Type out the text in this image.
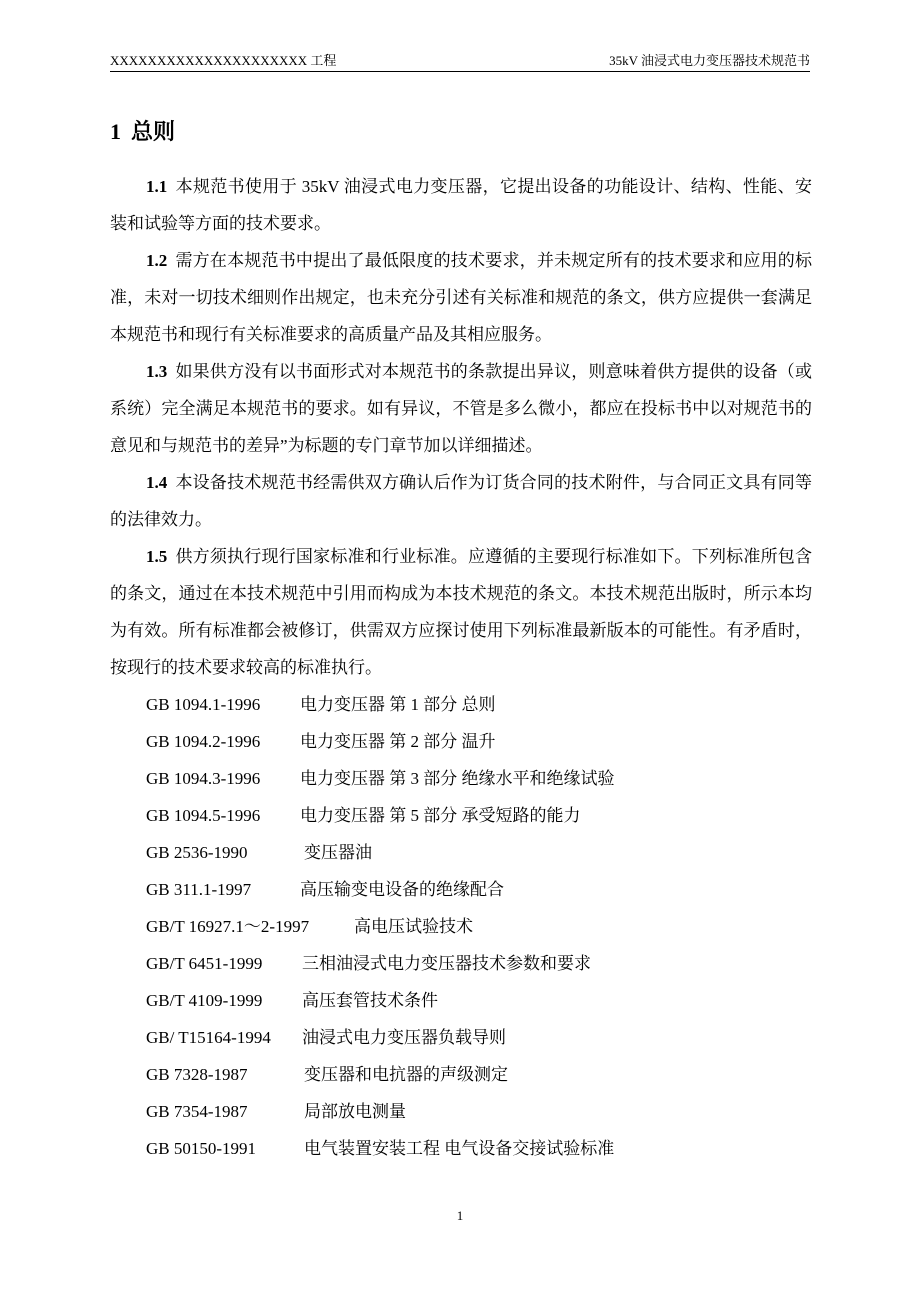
XXXXXXXXXXXXXXXXXXXXX 工程	35kV 油浸式电力变压器技术规范书
1 总则

1.1 本规范书使用于 35kV 油浸式电力变压器，它提出设备的功能设计、结构、性能、安装和试验等方面的技术要求。

1.2 需方在本规范书中提出了最低限度的技术要求，并未规定所有的技术要求和应用的标准，未对一切技术细则作出规定，也未充分引述有关标准和规范的条文，供方应提供一套满足本规范书和现行有关标准要求的高质量产品及其相应服务。

1.3 如果供方没有以书面形式对本规范书的条款提出异议，则意味着供方提供的设备（或系统）完全满足本规范书的要求。如有异议，不管是多么微小，都应在投标书中以对规范书的意见和与规范书的差异”为标题的专门章节加以详细描述。

1.4 本设备技术规范书经需供双方确认后作为订货合同的技术附件，与合同正文具有同等的法律效力。

1.5 供方须执行现行国家标准和行业标准。应遵循的主要现行标准如下。下列标准所包含的条文，通过在本技术规范中引用而构成为本技术规范的条文。本技术规范出版时，所示本均为有效。所有标准都会被修订，供需双方应探讨使用下列标准最新版本的可能性。有矛盾时，按现行的技术要求较高的标准执行。

GB 1094.1-1996 电力变压器 第 1 部分 总则
GB 1094.2-1996 电力变压器 第 2 部分 温升
GB 1094.3-1996 电力变压器 第 3 部分 绝缘水平和绝缘试验
GB 1094.5-1996 电力变压器 第 5 部分 承受短路的能力
GB 2536-1990	变压器油
GB 311.1-1997	高压输变电设备的绝缘配合
GB/T 16927.1～2-1997	高电压试验技术
GB/T 6451-1999 三相油浸式电力变压器技术参数和要求
GB/T 4109-1999 高压套管技术条件
GB/ T15164-1994 油浸式电力变压器负载导则
GB 7328-1987	变压器和电抗器的声级测定
GB 7354-1987	局部放电测量
GB 50150-1991	电气装置安装工程 电气设备交接试验标准
1
